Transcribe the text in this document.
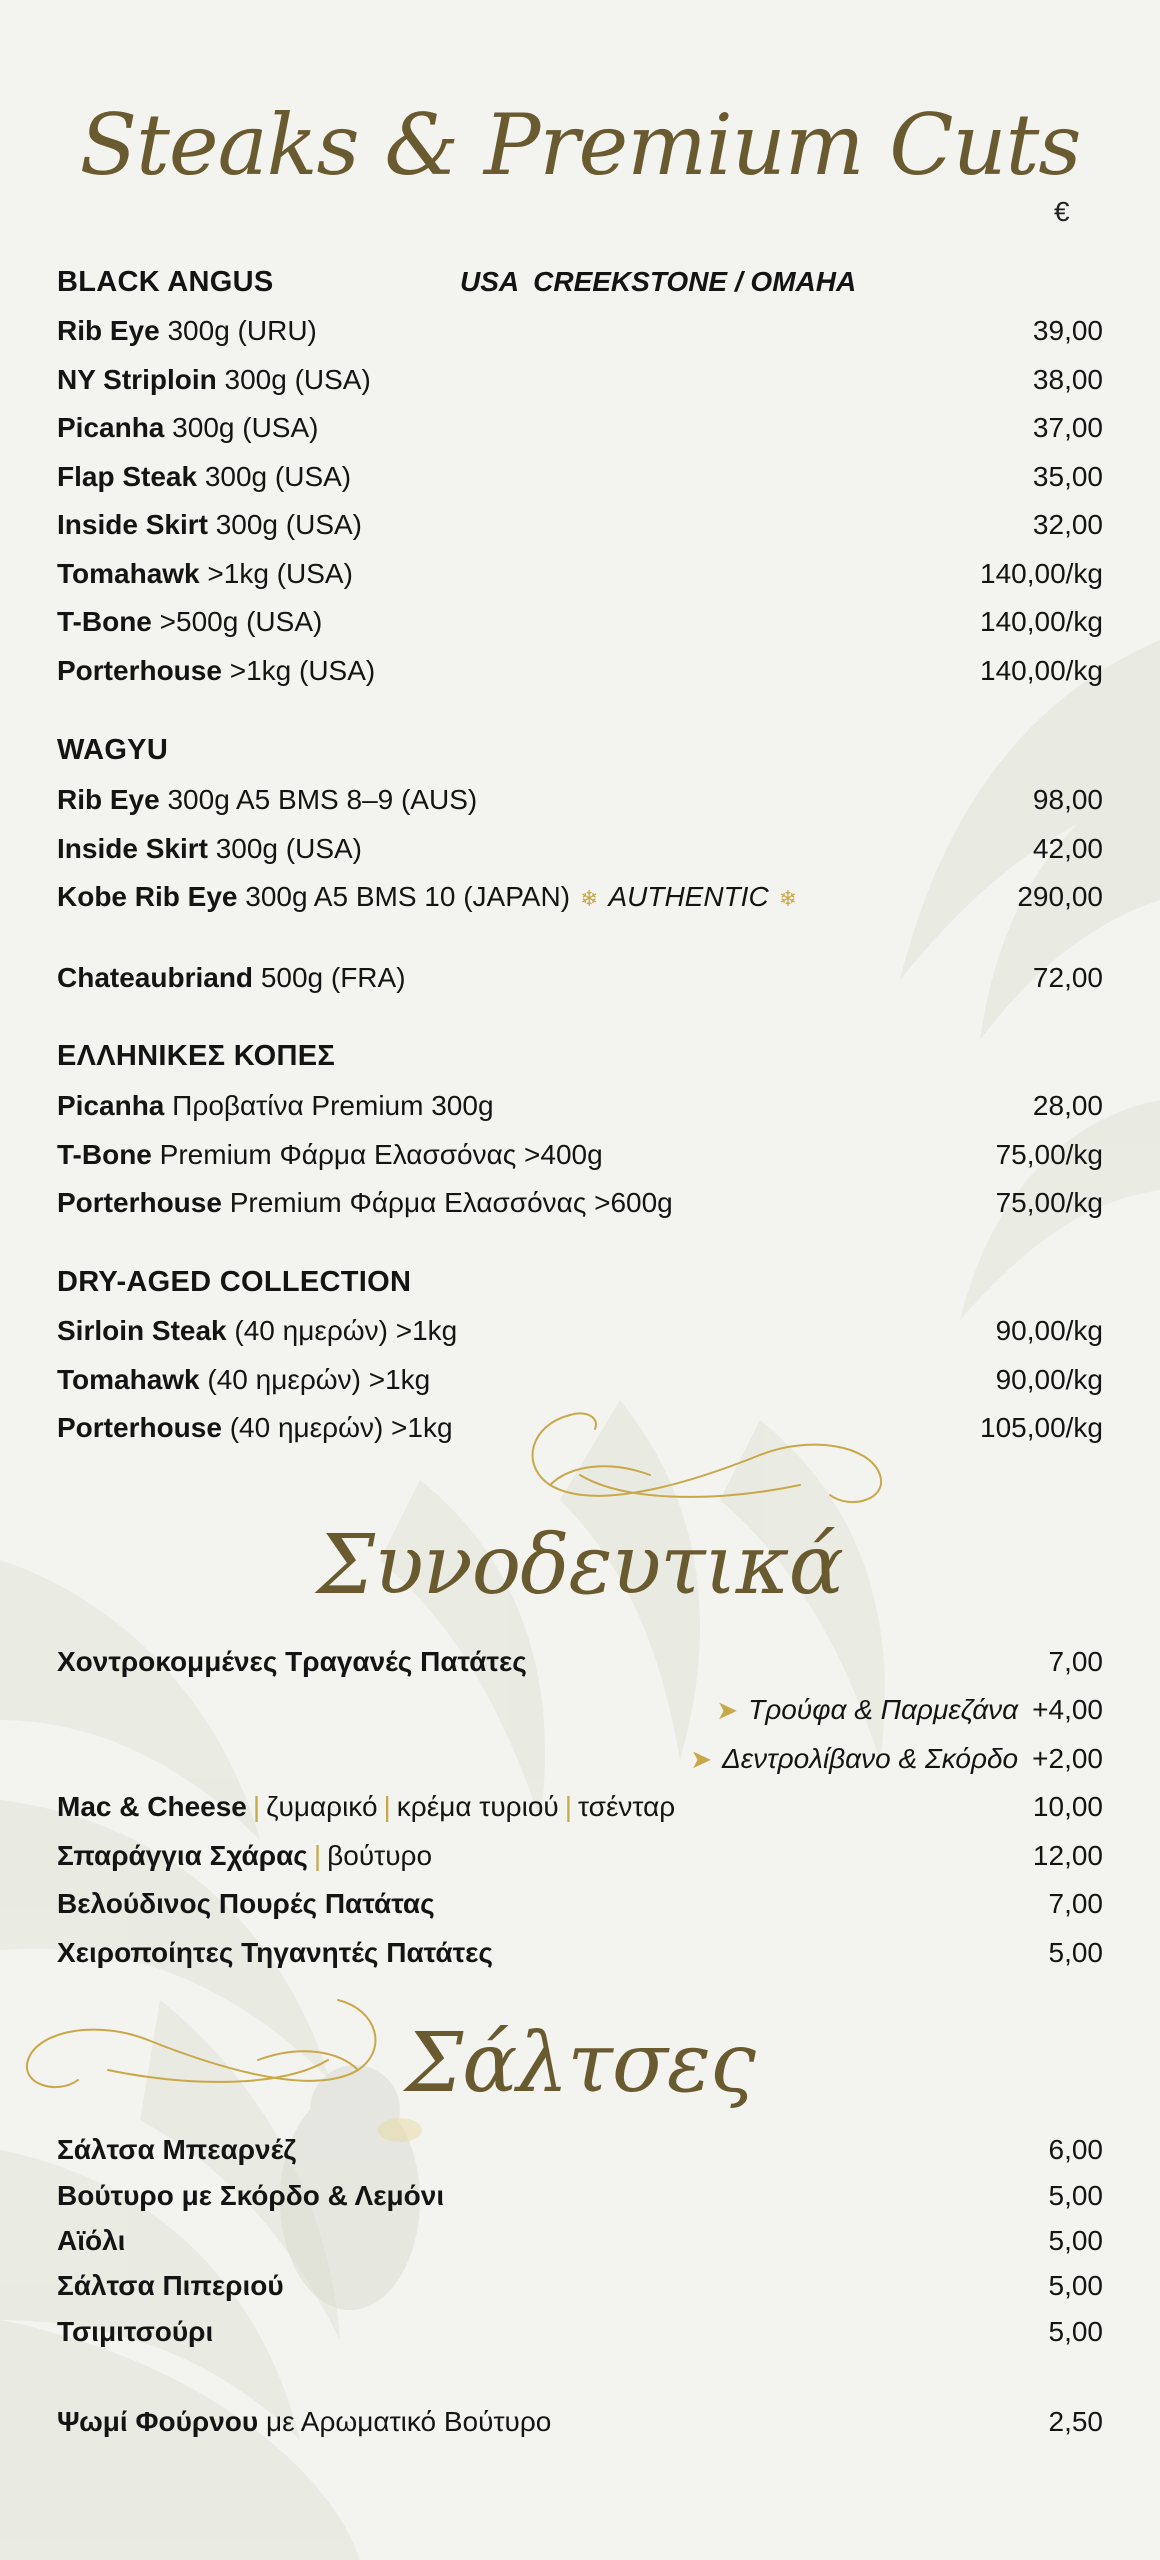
Steaks & Premium Cuts
€
BLACK ANGUS	USA CREEKSTONE / OMAHA
Rib Eye 300g (URU)	39,00
NY Striploin 300g (USA)	38,00
Picanha 300g (USA)	37,00
Flap Steak 300g (USA)	35,00
Inside Skirt 300g (USA)	32,00
Tomahawk >1kg (USA)	140,00/kg
T-Bone >500g (USA)	140,00/kg
Porterhouse >1kg (USA)	140,00/kg
WAGYU
Rib Eye 300g A5 BMS 8–9 (AUS)	98,00
Inside Skirt 300g (USA)	42,00
Kobe Rib Eye 300g A5 BMS 10 (JAPAN) ❄ AUTHENTIC ❄	290,00
Chateaubriand 500g (FRA)	72,00
ΕΛΛΗΝΙΚΕΣ ΚΟΠΕΣ
Picanha Προβατίνα Premium 300g	28,00
T-Bone Premium Φάρμα Ελασσόνας >400g	75,00/kg
Porterhouse Premium Φάρμα Ελασσόνας >600g	75,00/kg
DRY-AGED COLLECTION
Sirloin Steak (40 ημερών) >1kg	90,00/kg
Tomahawk (40 ημερών) >1kg	90,00/kg
Porterhouse (40 ημερών) >1kg	105,00/kg
Συνοδευτικά
Χοντροκομμένες Τραγανές Πατάτες	7,00
➤ Τρούφα & Παρμεζάνα +4,00
➤ Δεντρολίβανο & Σκόρδο +2,00
Mac & Cheese | ζυμαρικό | κρέμα τυριού | τσένταρ	10,00
Σπαράγγια Σχάρας | βούτυρο	12,00
Βελούδινος Πουρές Πατάτας	7,00
Χειροποίητες Τηγανητές Πατάτες	5,00
Σάλτσες
Σάλτσα Μπεαρνέζ	6,00
Βούτυρο με Σκόρδο & Λεμόνι	5,00
Αϊόλι	5,00
Σάλτσα Πιπεριού	5,00
Τσιμιτσούρι	5,00
Ψωμί Φούρνου με Αρωματικό Βούτυρο	2,50
